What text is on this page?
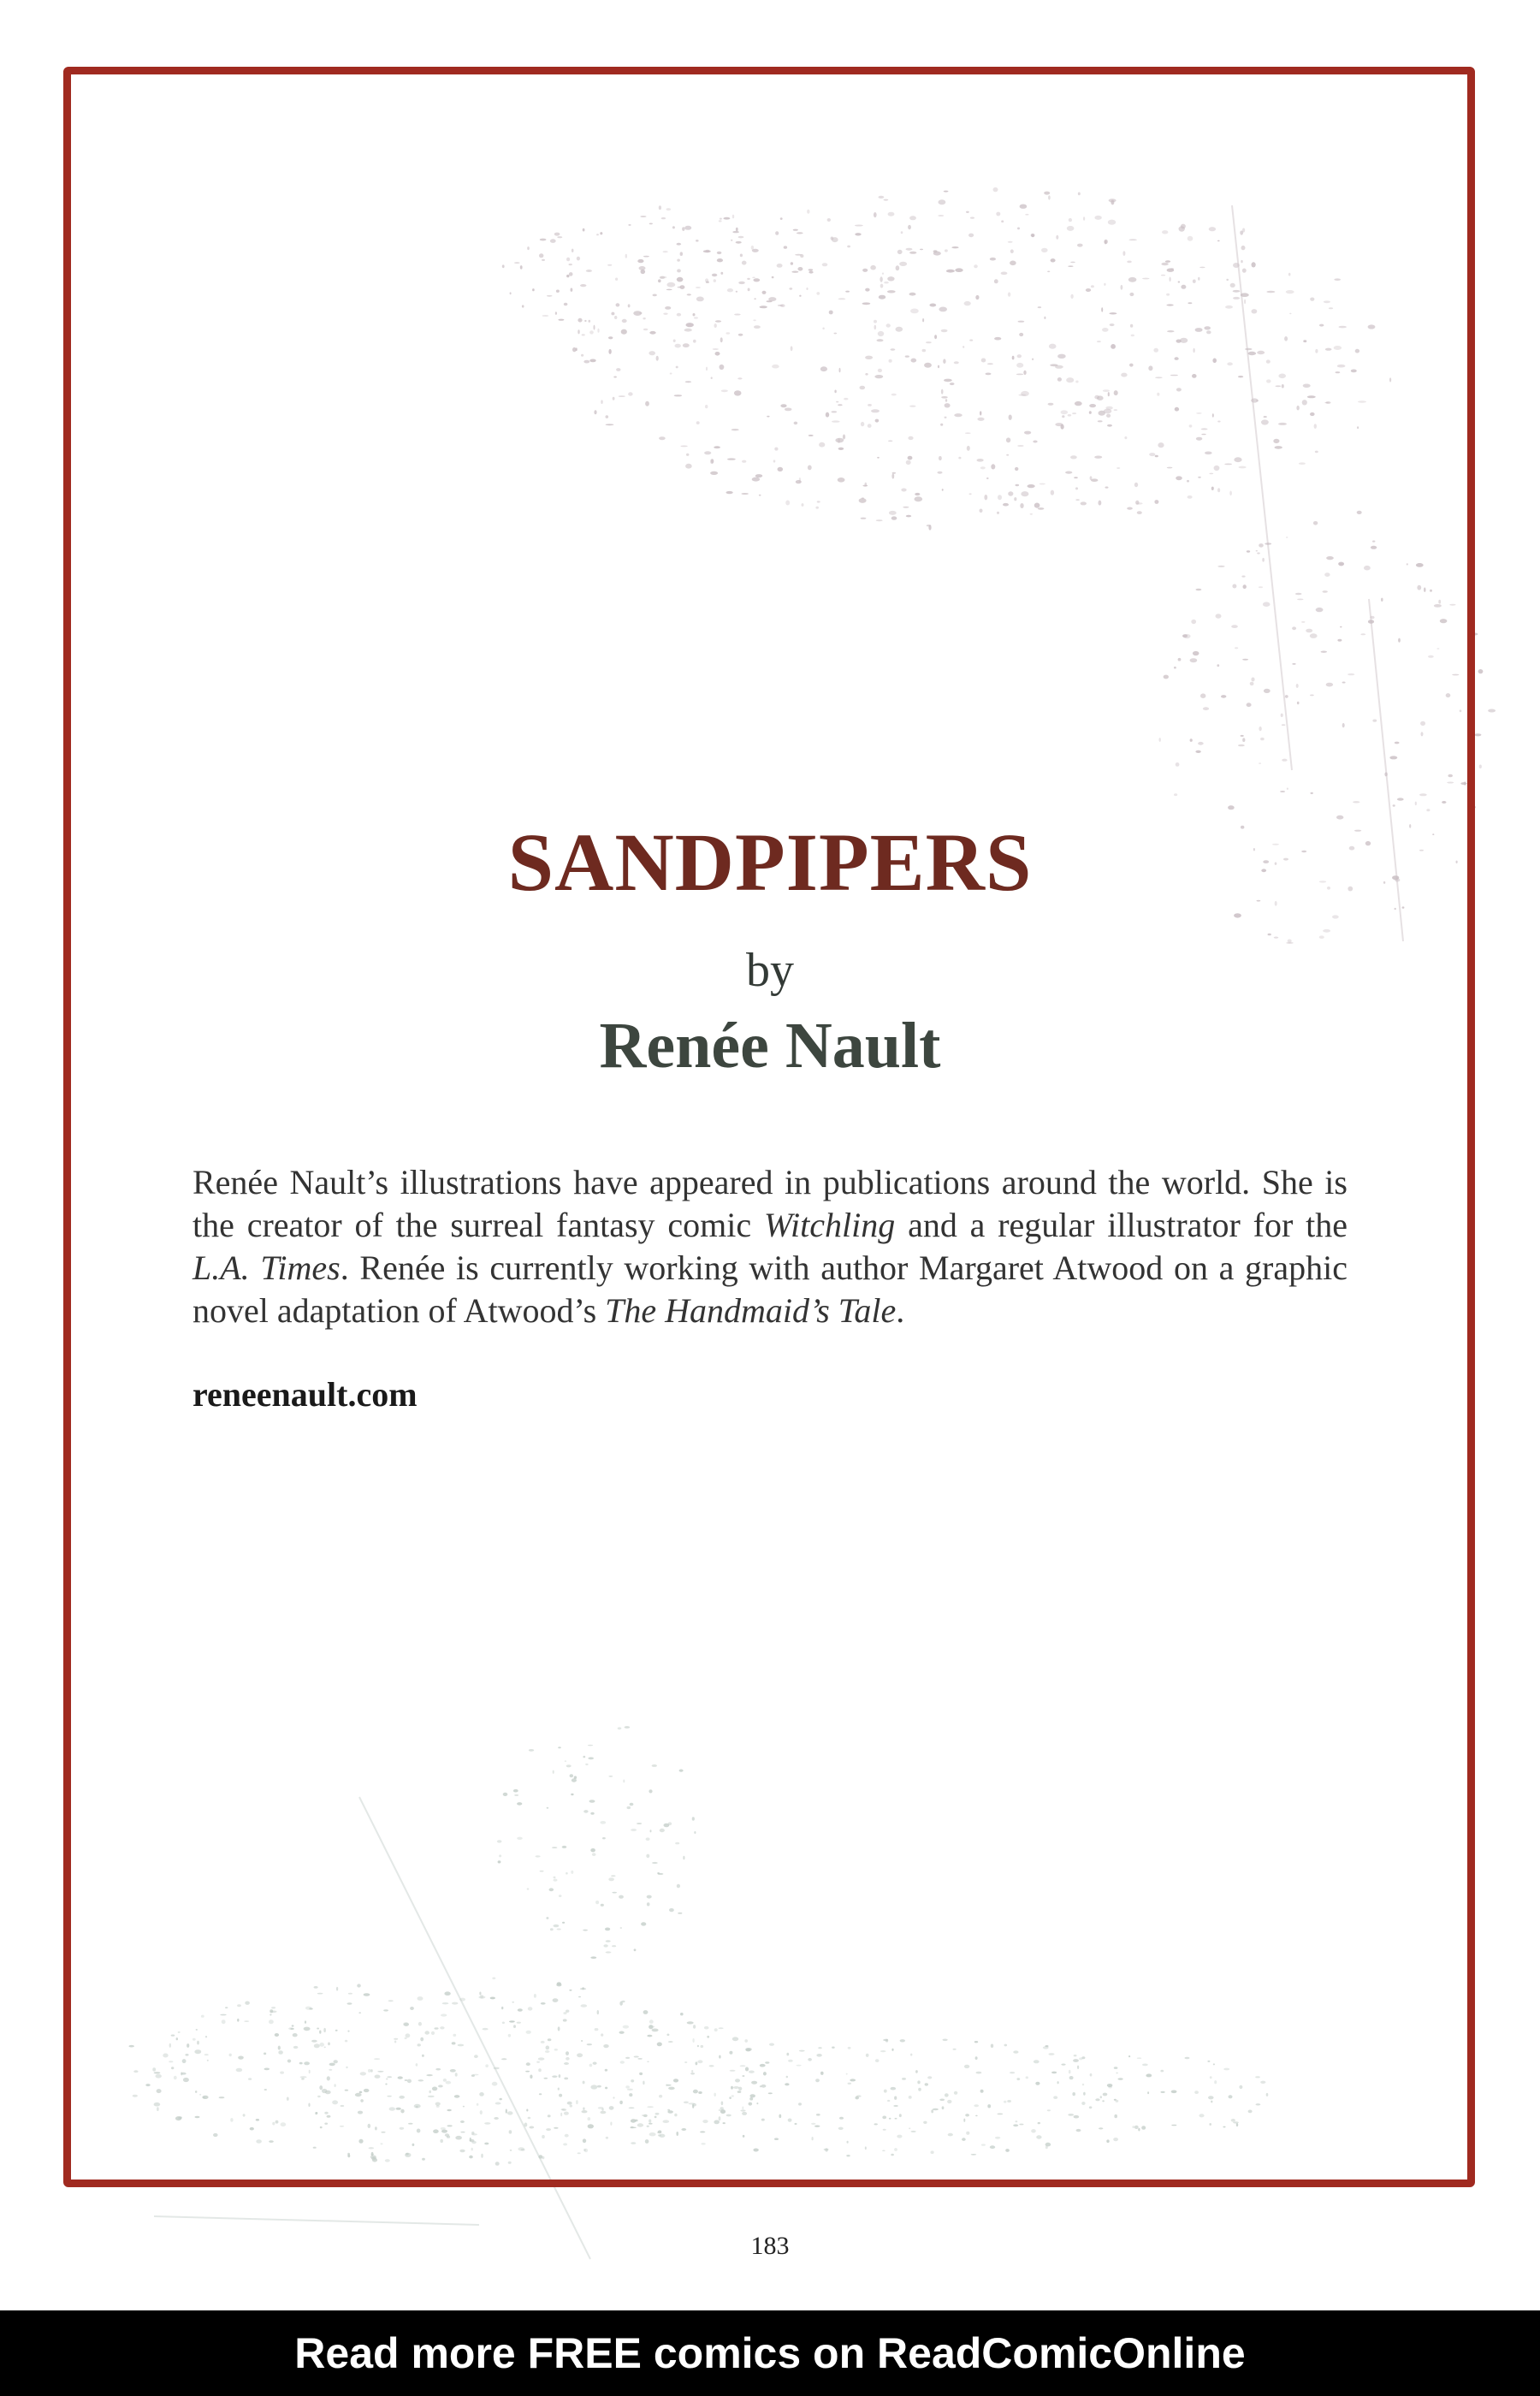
SANDPIPERS
by
Renée Nault

Renée Nault’s illustrations have appeared in publications around the world. She is the creator of the surreal fantasy comic Witchling and a regular illustrator for the L.A. Times. Renée is currently working with author Margaret Atwood on a graphic novel adaptation of Atwood’s The Handmaid’s Tale.

reneenault.com
183
Read more FREE comics on ReadComicOnline
